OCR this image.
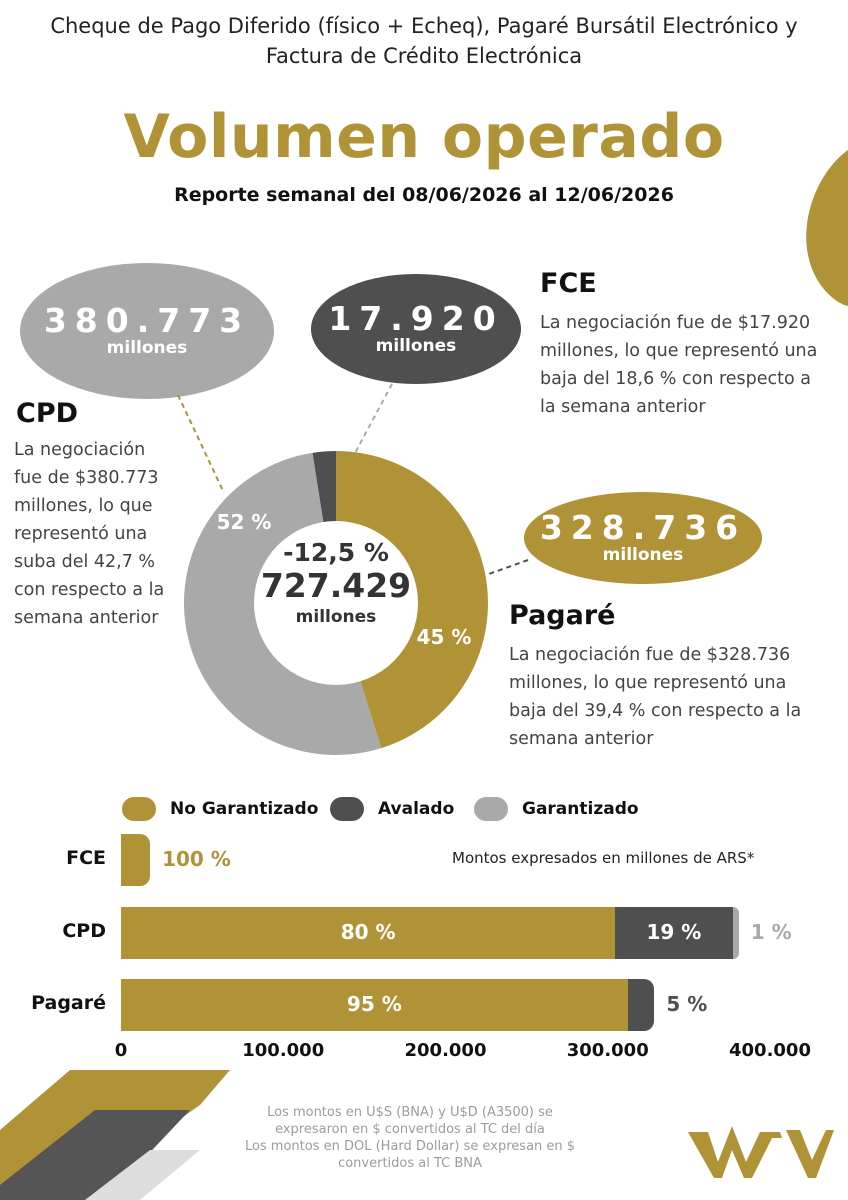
Cheque de Pago Diferido (físico + Echeq), Pagaré Bursátil Electrónico y
Factura de Crédito Electrónica
Volumen operado
Reporte semanal del 08/06/2026 al 12/06/2026
380.773
millones
17.920
millones
328.736
millones
45 %
52 %
-12,5 %
727.429
millones
CPD
La negociación
fue de $380.773
millones, lo que
representó una
suba del 42,7 %
con respecto a la
semana anterior
FCE
La negociación fue de $17.920
millones, lo que representó una
baja del 18,6 % con respecto a
la semana anterior
Pagaré
La negociación fue de $328.736
millones, lo que representó una
baja del 39,4 % con respecto a la
semana anterior
No Garantizado	Avalado	Garantizado
Montos expresados en millones de ARS*
FCE	100 %
CPD	80 %	19 %	1 %
Pagaré	95 %	5 %
0	100.000	200.000	300.000	400.000
Los montos en U$S (BNA) y U$D (A3500) se
expresaron en $ convertidos al TC del día
Los montos en DOL (Hard Dollar) se expresan en $
convertidos al TC BNA
